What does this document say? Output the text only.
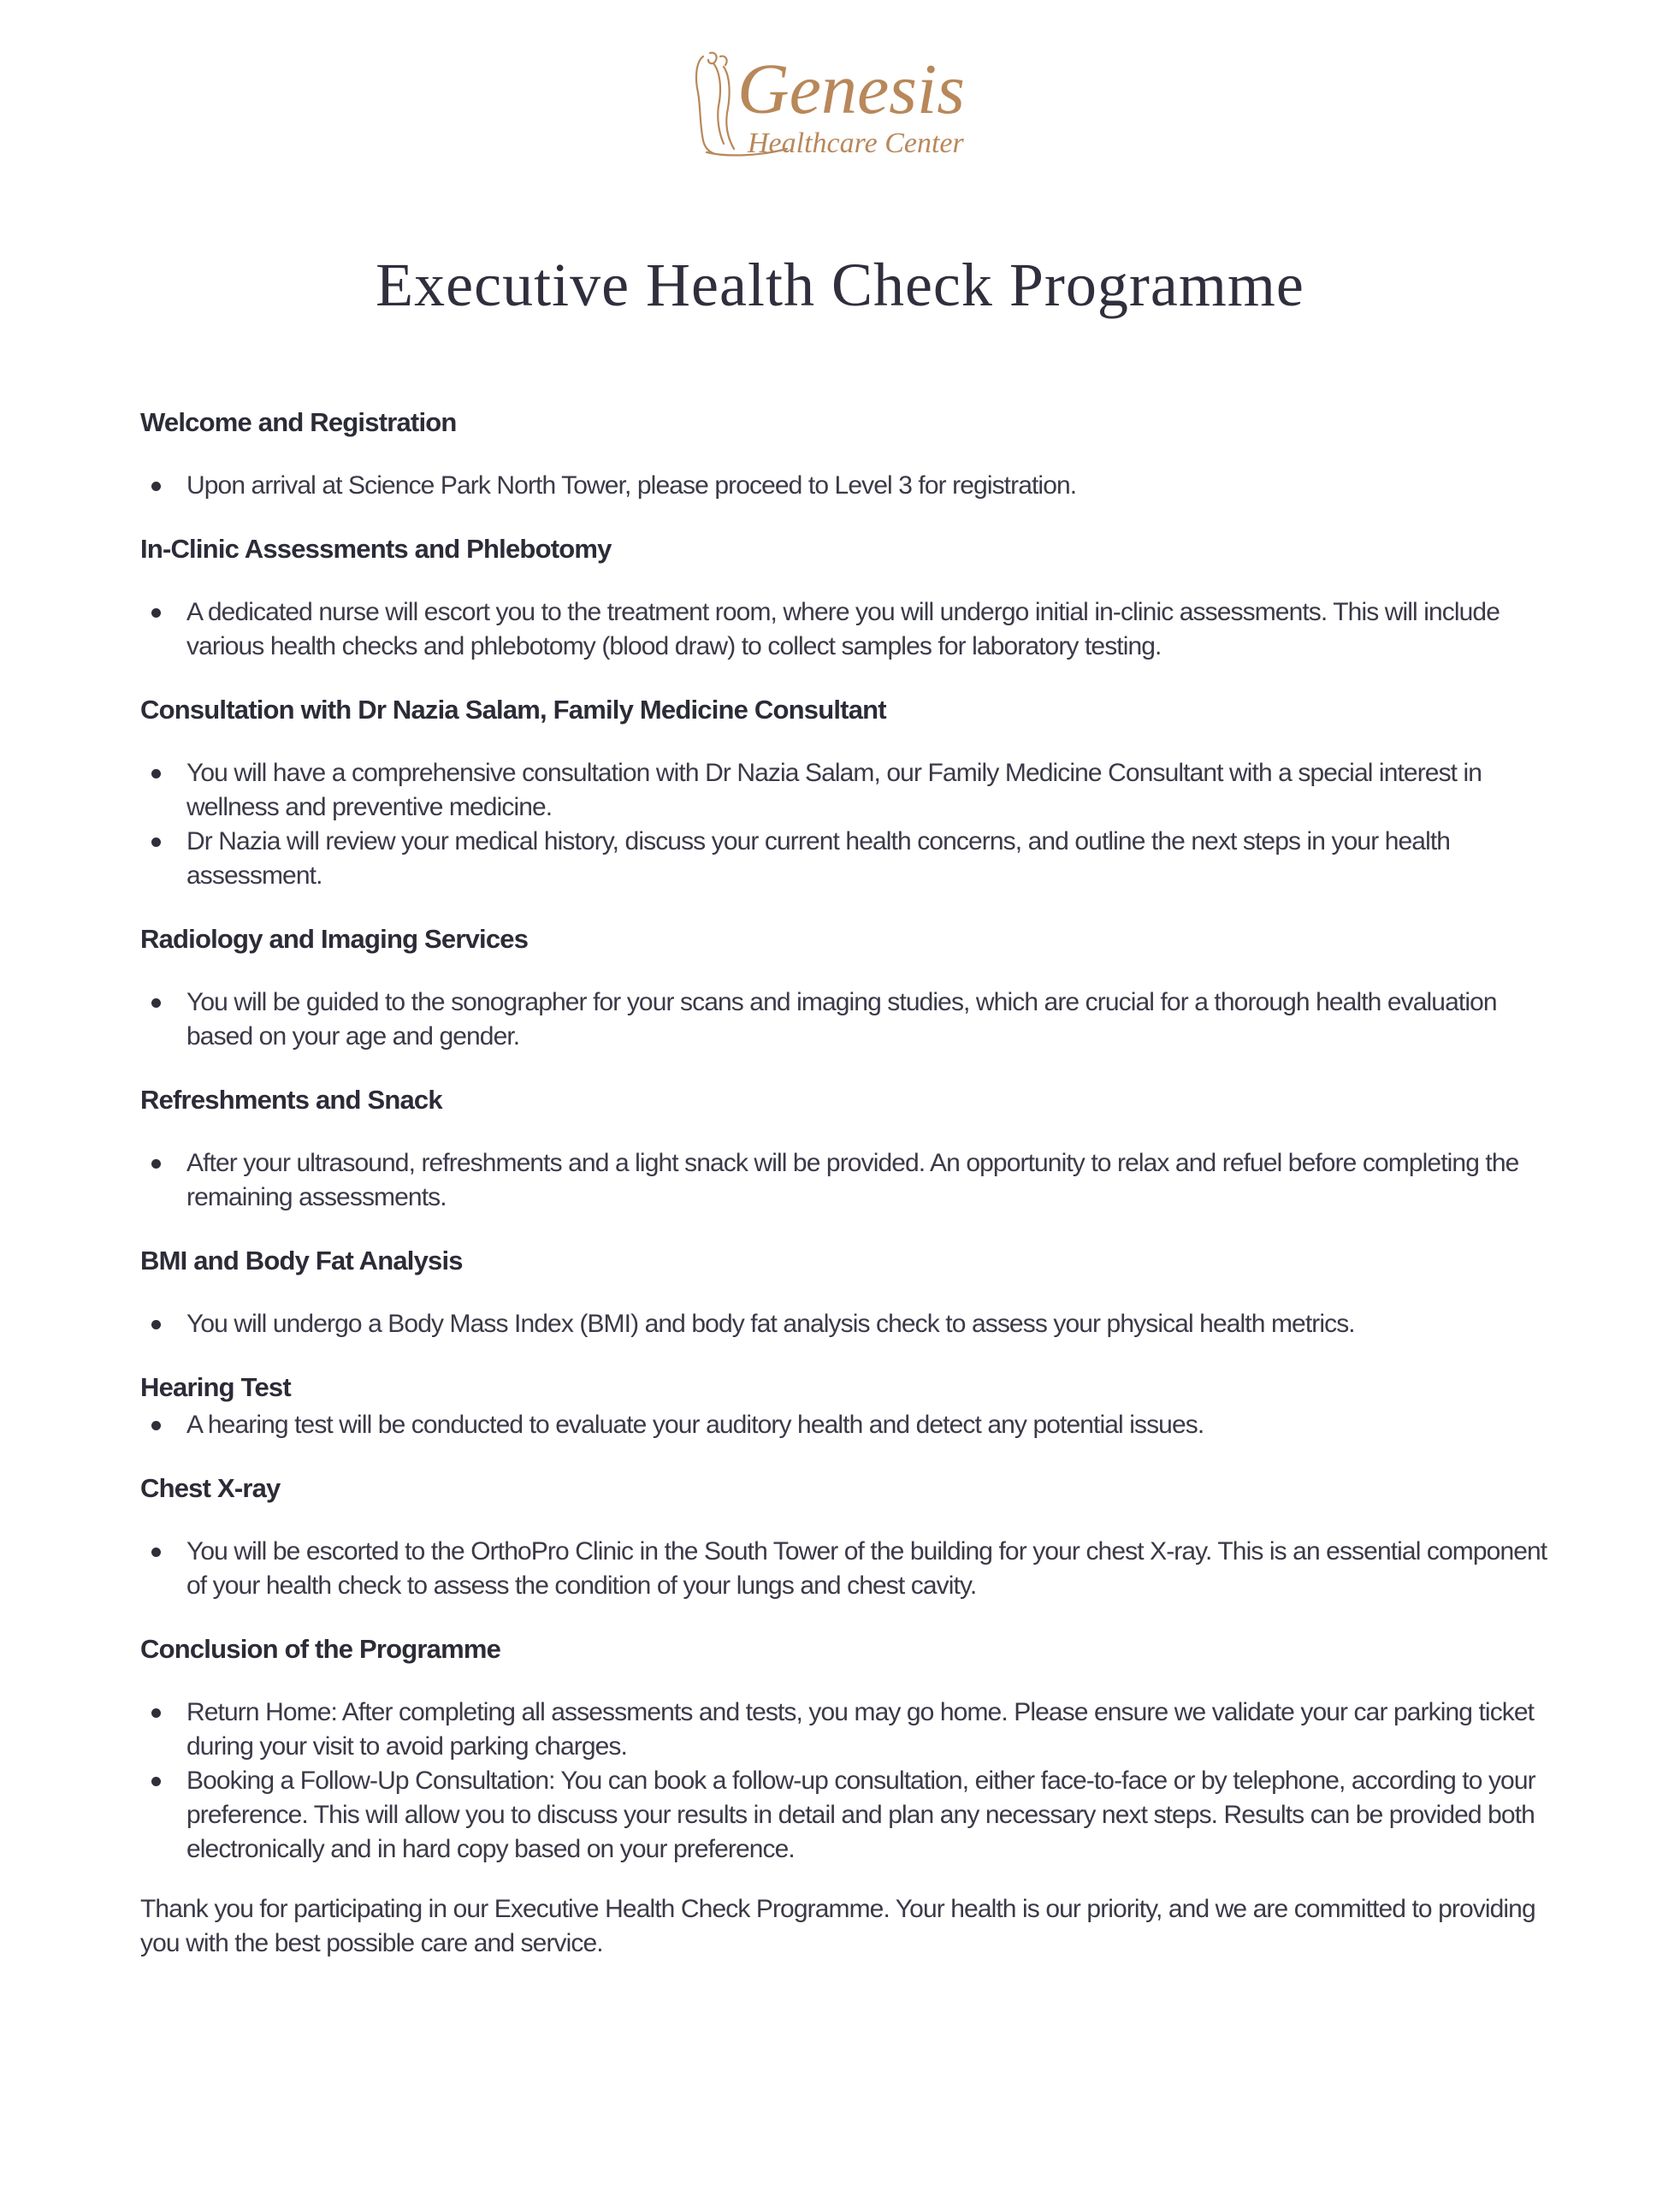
Genesis
Healthcare Center
Executive Health Check Programme
Welcome and Registration
Upon arrival at Science Park North Tower, please proceed to Level 3 for registration.
In-Clinic Assessments and Phlebotomy
A dedicated nurse will escort you to the treatment room, where you will undergo initial in-clinic assessments. This will include various health checks and phlebotomy (blood draw) to collect samples for laboratory testing.
Consultation with Dr Nazia Salam, Family Medicine Consultant
You will have a comprehensive consultation with Dr Nazia Salam, our Family Medicine Consultant with a special interest in wellness and preventive medicine.
Dr Nazia will review your medical history, discuss your current health concerns, and outline the next steps in your health assessment.
Radiology and Imaging Services
You will be guided to the sonographer for your scans and imaging studies, which are crucial for a thorough health evaluation based on your age and gender.
Refreshments and Snack
After your ultrasound, refreshments and a light snack will be provided. An opportunity to relax and refuel before completing the remaining assessments.
BMI and Body Fat Analysis
You will undergo a Body Mass Index (BMI) and body fat analysis check to assess your physical health metrics.
Hearing Test
A hearing test will be conducted to evaluate your auditory health and detect any potential issues.
Chest X-ray
You will be escorted to the OrthoPro Clinic in the South Tower of the building for your chest X-ray. This is an essential component of your health check to assess the condition of your lungs and chest cavity.
Conclusion of the Programme
Return Home: After completing all assessments and tests, you may go home. Please ensure we validate your car parking ticket during your visit to avoid parking charges.
Booking a Follow-Up Consultation: You can book a follow-up consultation, either face-to-face or by telephone, according to your preference. This will allow you to discuss your results in detail and plan any necessary next steps. Results can be provided both electronically and in hard copy based on your preference.

Thank you for participating in our Executive Health Check Programme. Your health is our priority, and we are committed to providing you with the best possible care and service.
